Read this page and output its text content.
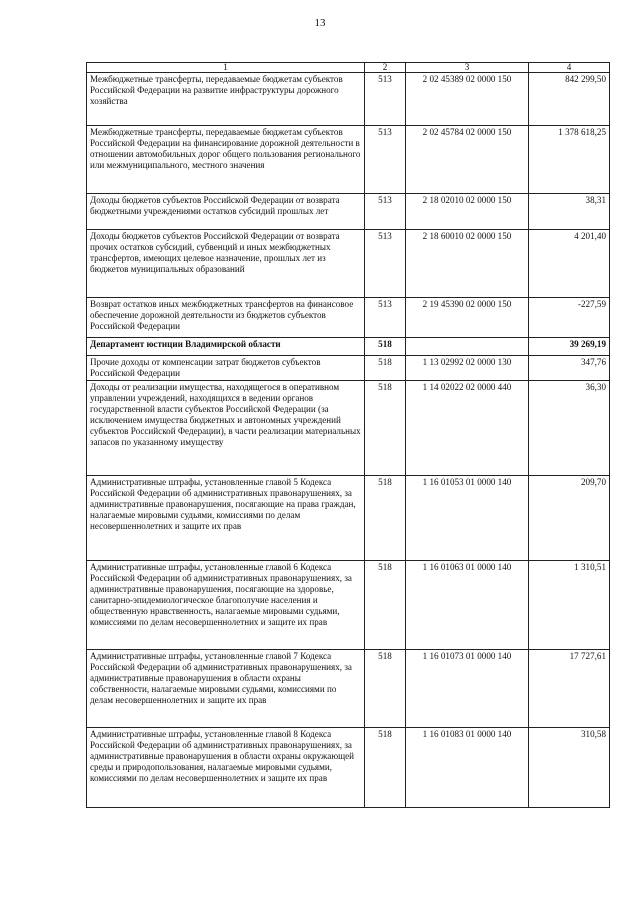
13
1	2	3	4
Межбюджетные трансферты, передаваемые бюджетам субъектов Российской Федерации на развитие инфраструктуры дорожного хозяйства	513	2 02 45389 02 0000 150	842 299,50
Межбюджетные трансферты, передаваемые бюджетам субъектов Российской Федерации на финансирование дорожной деятельности в отношении автомобильных дорог общего пользования регионального или межмуниципального, местного значения	513	2 02 45784 02 0000 150	1 378 618,25
Доходы бюджетов субъектов Российской Федерации от возврата бюджетными учреждениями остатков субсидий прошлых лет	513	2 18 02010 02 0000 150	38,31
Доходы бюджетов субъектов Российской Федерации от возврата прочих остатков субсидий, субвенций и иных межбюджетных трансфертов, имеющих целевое назначение, прошлых лет из бюджетов муниципальных образований	513	2 18 60010 02 0000 150	4 201,40
Возврат остатков иных межбюджетных трансфертов на финансовое обеспечение дорожной деятельности из бюджетов субъектов Российской Федерации	513	2 19 45390 02 0000 150	-227,59
Департамент юстиции Владимирской области	518		39 269,19
Прочие доходы от компенсации затрат бюджетов субъектов Российской Федерации	518	1 13 02992 02 0000 130	347,76
Доходы от реализации имущества, находящегося в оперативном управлении учреждений, находящихся в ведении органов государственной власти субъектов Российской Федерации (за исключением имущества бюджетных и автономных учреждений субъектов Российской Федерации), в части реализации материальных запасов по указанному имуществу	518	1 14 02022 02 0000 440	36,30
Административные штрафы, установленные главой 5 Кодекса Российской Федерации об административных правонарушениях, за административные правонарушения, посягающие на права граждан, налагаемые мировыми судьями, комиссиями по делам несовершеннолетних и защите их прав	518	1 16 01053 01 0000 140	209,70
Административные штрафы, установленные главой 6 Кодекса Российской Федерации об административных правонарушениях, за административные правонарушения, посягающие на здоровье, санитарно-эпидемиологическое благополучие населения и общественную нравственность, налагаемые мировыми судьями, комиссиями по делам несовершеннолетних и защите их прав	518	1 16 01063 01 0000 140	1 310,51
Административные штрафы, установленные главой 7 Кодекса Российской Федерации об административных правонарушениях, за административные правонарушения в области охраны собственности, налагаемые мировыми судьями, комиссиями по делам несовершеннолетних и защите их прав	518	1 16 01073 01 0000 140	17 727,61
Административные штрафы, установленные главой 8 Кодекса Российской Федерации об административных правонарушениях, за административные правонарушения в области охраны окружающей среды и природопользования, налагаемые мировыми судьями, комиссиями по делам несовершеннолетних и защите их прав	518	1 16 01083 01 0000 140	310,58
